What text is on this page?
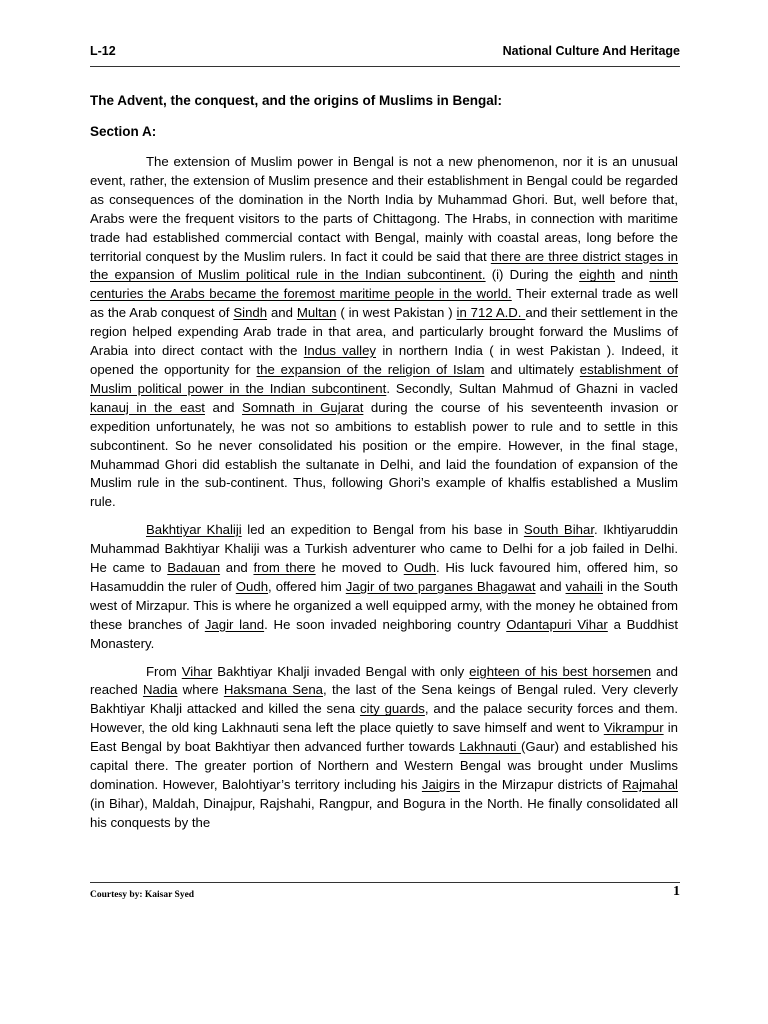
L-12	National Culture And Heritage
The Advent, the conquest, and the origins of Muslims in Bengal:
Section A:

The extension of Muslim power in Bengal is not a new phenomenon, nor it is an unusual event, rather, the extension of Muslim presence and their establishment in Bengal could be regarded as consequences of the domination in the North India by Muhammad Ghori. But, well before that, Arabs were the frequent visitors to the parts of Chittagong. The Hrabs, in connection with maritime trade had established commercial contact with Bengal, mainly with coastal areas, long before the territorial conquest by the Muslim rulers. In fact it could be said that there are three district stages in the expansion of Muslim political rule in the Indian subcontinent. (i) During the eighth and ninth centuries the Arabs became the foremost maritime people in the world. Their external trade as well as the Arab conquest of Sindh and Multan ( in west Pakistan ) in 712 A.D. and their settlement in the region helped expending Arab trade in that area, and particularly brought forward the Muslims of Arabia into direct contact with the Indus valley in northern India ( in west Pakistan ). Indeed, it opened the opportunity for the expansion of the religion of Islam and ultimately establishment of Muslim political power in the Indian subcontinent. Secondly, Sultan Mahmud of Ghazni in vacled kanauj in the east and Somnath in Gujarat during the course of his seventeenth invasion or expedition unfortunately, he was not so ambitions to establish power to rule and to settle in this subcontinent. So he never consolidated his position or the empire. However, in the final stage, Muhammad Ghori did establish the sultanate in Delhi, and laid the foundation of expansion of the Muslim rule in the sub-continent. Thus, following Ghori’s example of khalfis established a Muslim rule.

Bakhtiyar Khaliji led an expedition to Bengal from his base in South Bihar. Ikhtiyaruddin Muhammad Bakhtiyar Khaliji was a Turkish adventurer who came to Delhi for a job failed in Delhi. He came to Badauan and from there he moved to Oudh. His luck favoured him, offered him, so Hasamuddin the ruler of Oudh, offered him Jagir of two parganes Bhagawat and vahaili in the South west of Mirzapur. This is where he organized a well equipped army, with the money he obtained from these branches of Jagir land. He soon invaded neighboring country Odantapuri Vihar a Buddhist Monastery.

From Vihar Bakhtiyar Khalji invaded Bengal with only eighteen of his best horsemen and reached Nadia where Haksmana Sena, the last of the Sena keings of Bengal ruled. Very cleverly Bakhtiyar Khalji attacked and killed the sena city guards, and the palace security forces and them. However, the old king Lakhnauti sena left the place quietly to save himself and went to Vikrampur in East Bengal by boat Bakhtiyar then advanced further towards Lakhnauti (Gaur) and established his capital there. The greater portion of Northern and Western Bengal was brought under Muslims domination. However, Balohtiyar’s territory including his Jaigirs in the Mirzapur districts of Rajmahal (in Bihar), Maldah, Dinajpur, Rajshahi, Rangpur, and Bogura in the North. He finally consolidated all his conquests by the

Courtesy by: Kaisar Syed	1
